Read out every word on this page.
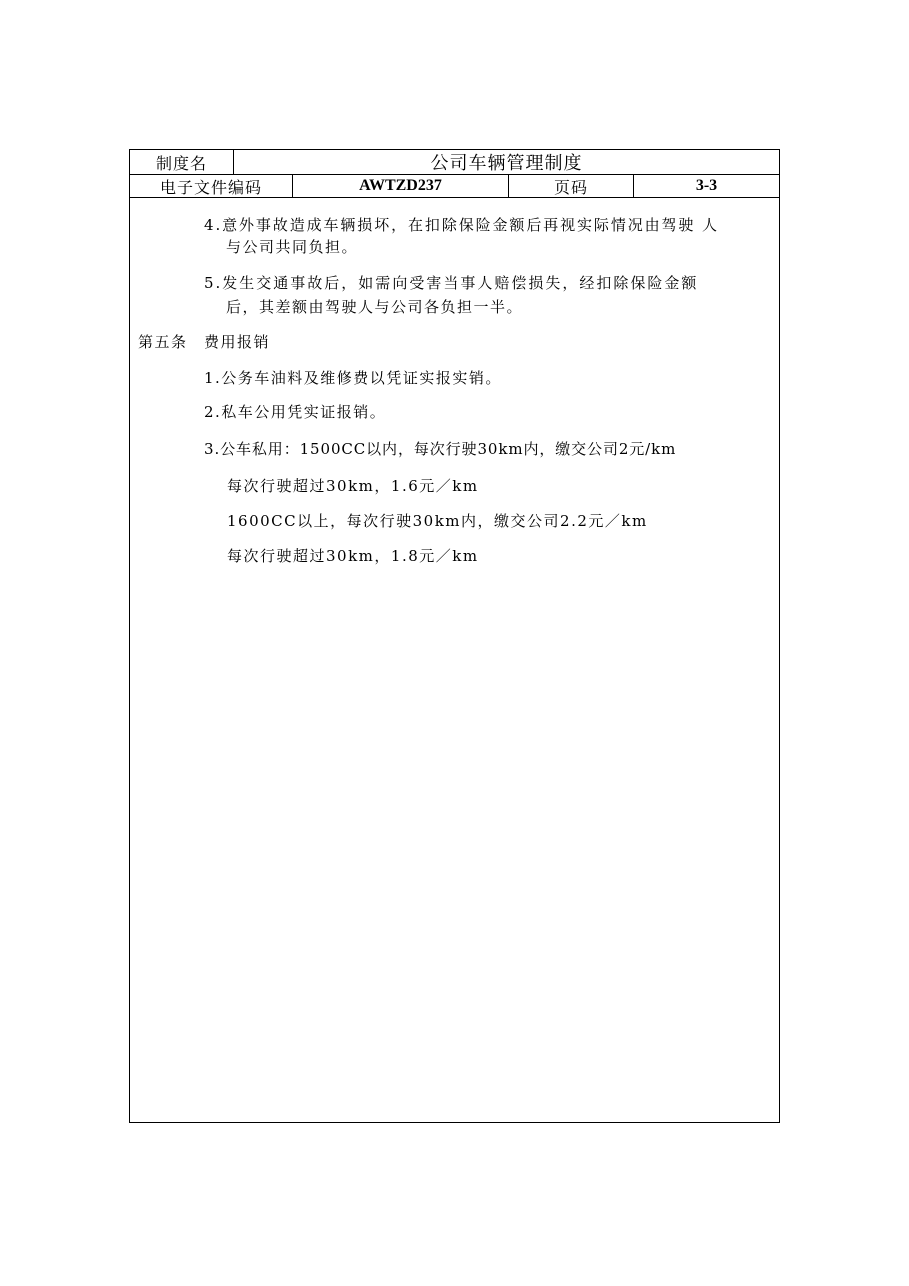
制度名	公司车辆管理制度
电子文件编码	AWTZD237	页码	3-3
4.意外事故造成车辆损坏，在扣除保险金额后再视实际情况由驾驶 人
与公司共同负担。
5.发生交通事故后，如需向受害当事人赔偿损失，经扣除保险金额
后，其差额由驾驶人与公司各负担一半。
第五条　费用报销
1.公务车油料及维修费以凭证实报实销。
2.私车公用凭实证报销。
3.公车私用：1500CC以内，每次行驶30km内，缴交公司2元/km
每次行驶超过30km，1.6元／km
1600CC以上，每次行驶30km内，缴交公司2.2元／km
每次行驶超过30km，1.8元／km
